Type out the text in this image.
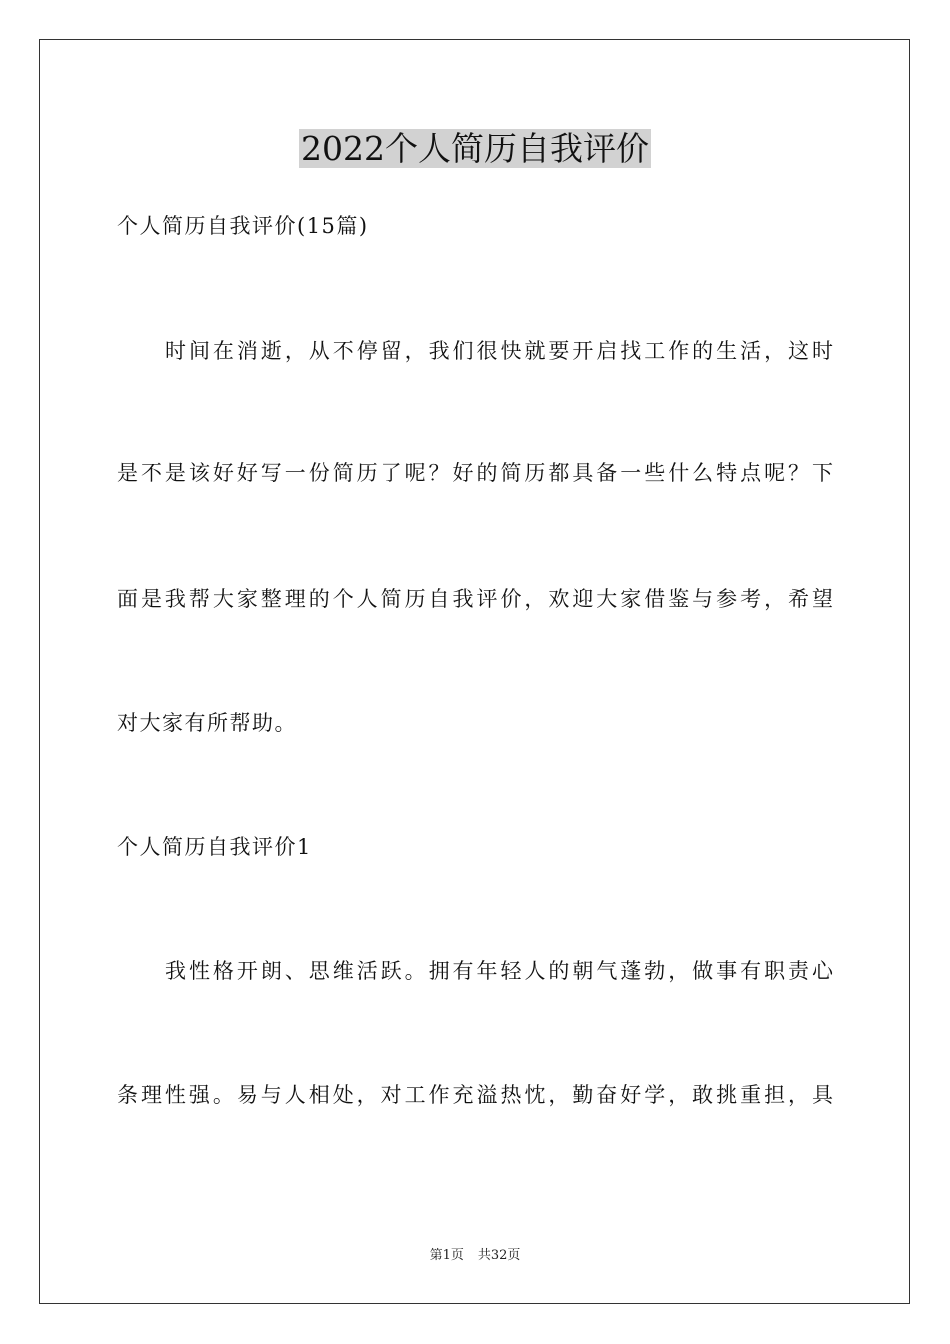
2022个人简历自我评价
个人简历自我评价(15篇)
时间在消逝，从不停留，我们很快就要开启找工作的生活，这时
是不是该好好写一份简历了呢？好的简历都具备一些什么特点呢？下
面是我帮大家整理的个人简历自我评价，欢迎大家借鉴与参考，希望
对大家有所帮助。
个人简历自我评价1
我性格开朗、思维活跃。拥有年轻人的朝气蓬勃，做事有职责心
条理性强。易与人相处，对工作充溢热忱，勤奋好学，敢挑重担，具
第1页 共32页
